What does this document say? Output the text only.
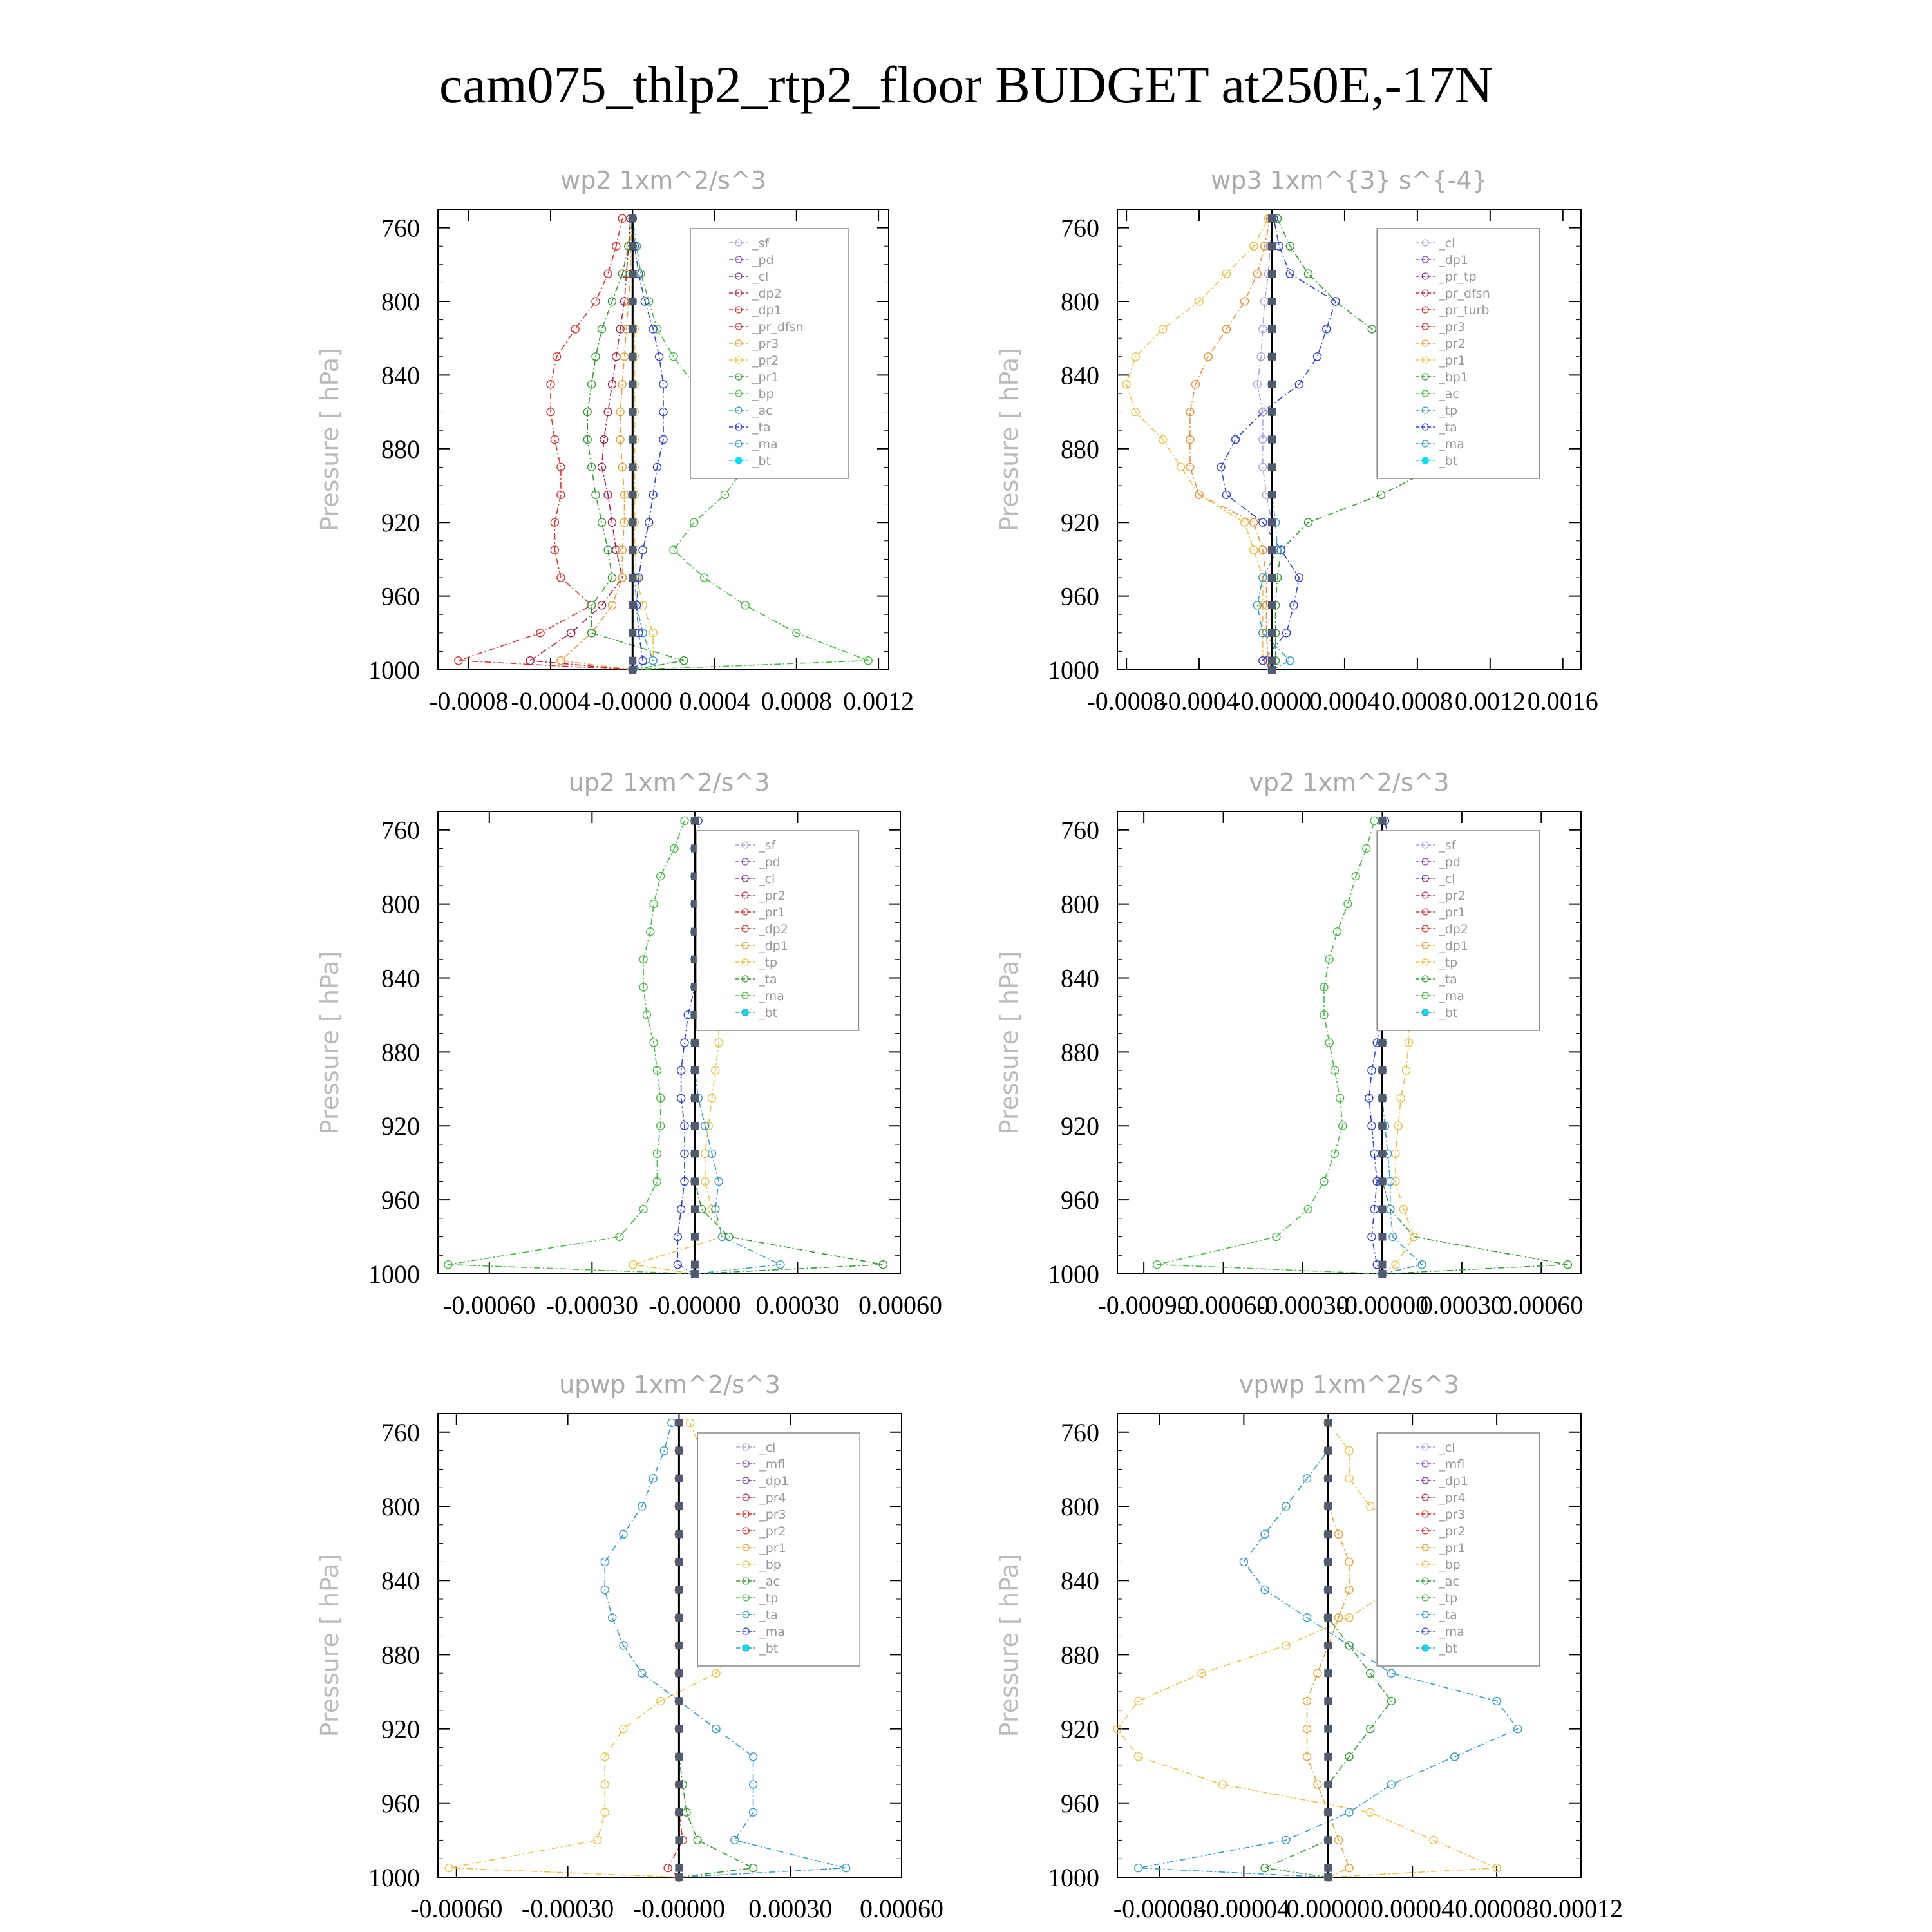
cam075_thlp2_rtp2_floor BUDGET at250E,-17N
wp2 1xm^2/s^3
Pressure [ hPa]
760
800
840
880
920
960
1000
-0.0008 -0.0004 -0.0000 0.0004 0.0008 0.0012
_sf
_pd
_cl
_dp2
_dp1
_pr_dfsn
_pr3
_pr2
_pr1
_bp
_ac
_ta
_ma
_bt
wp3 1xm^{3} s^{-4}
Pressure [ hPa]
760
800
840
880
920
960
1000
-0.0008
-0.0004
-0.0000
0.0004 0.0008 0.0012 0.0016
_cl
_dp1
_pr_tp
_pr_dfsn
_pr_turb
_pr3
_pr2
_pr1
_bp1
_ac
_tp
_ta
_ma
_bt
up2 1xm^2/s^3
Pressure [ hPa]
760
800
840
880
920
960
1000
-0.00060 -0.00030 -0.00000 0.00030 0.00060
_sf
_pd
_cl
_pr2
_pr1
_dp2
_dp1
_tp
_ta
_ma
_bt
vp2 1xm^2/s^3
Pressure [ hPa]
760
800
840
880
920
960
1000
-0.00090
-0.00060
-0.00030
-0.00000
0.00030
0.00060
_sf
_pd
_cl
_pr2
_pr1
_dp2
_dp1
_tp
_ta
_ma
_bt
upwp 1xm^2/s^3
Pressure [ hPa]
760
800
840
880
920
960
1000
-0.00060 -0.00030 -0.00000 0.00030 0.00060
_cl
_mfl
_dp1
_pr4
_pr3
_pr2
_pr1
_bp
_ac
_tp
_ta
_ma
_bt
vpwp 1xm^2/s^3
Pressure [ hPa]
760
800
840
880
920
960
1000
-0.00008
-0.00004
0.00000 0.00004 0.00008 0.00012
_cl
_mfl
_dp1
_pr4
_pr3
_pr2
_pr1
_bp
_ac
_tp
_ta
_ma
_bt
